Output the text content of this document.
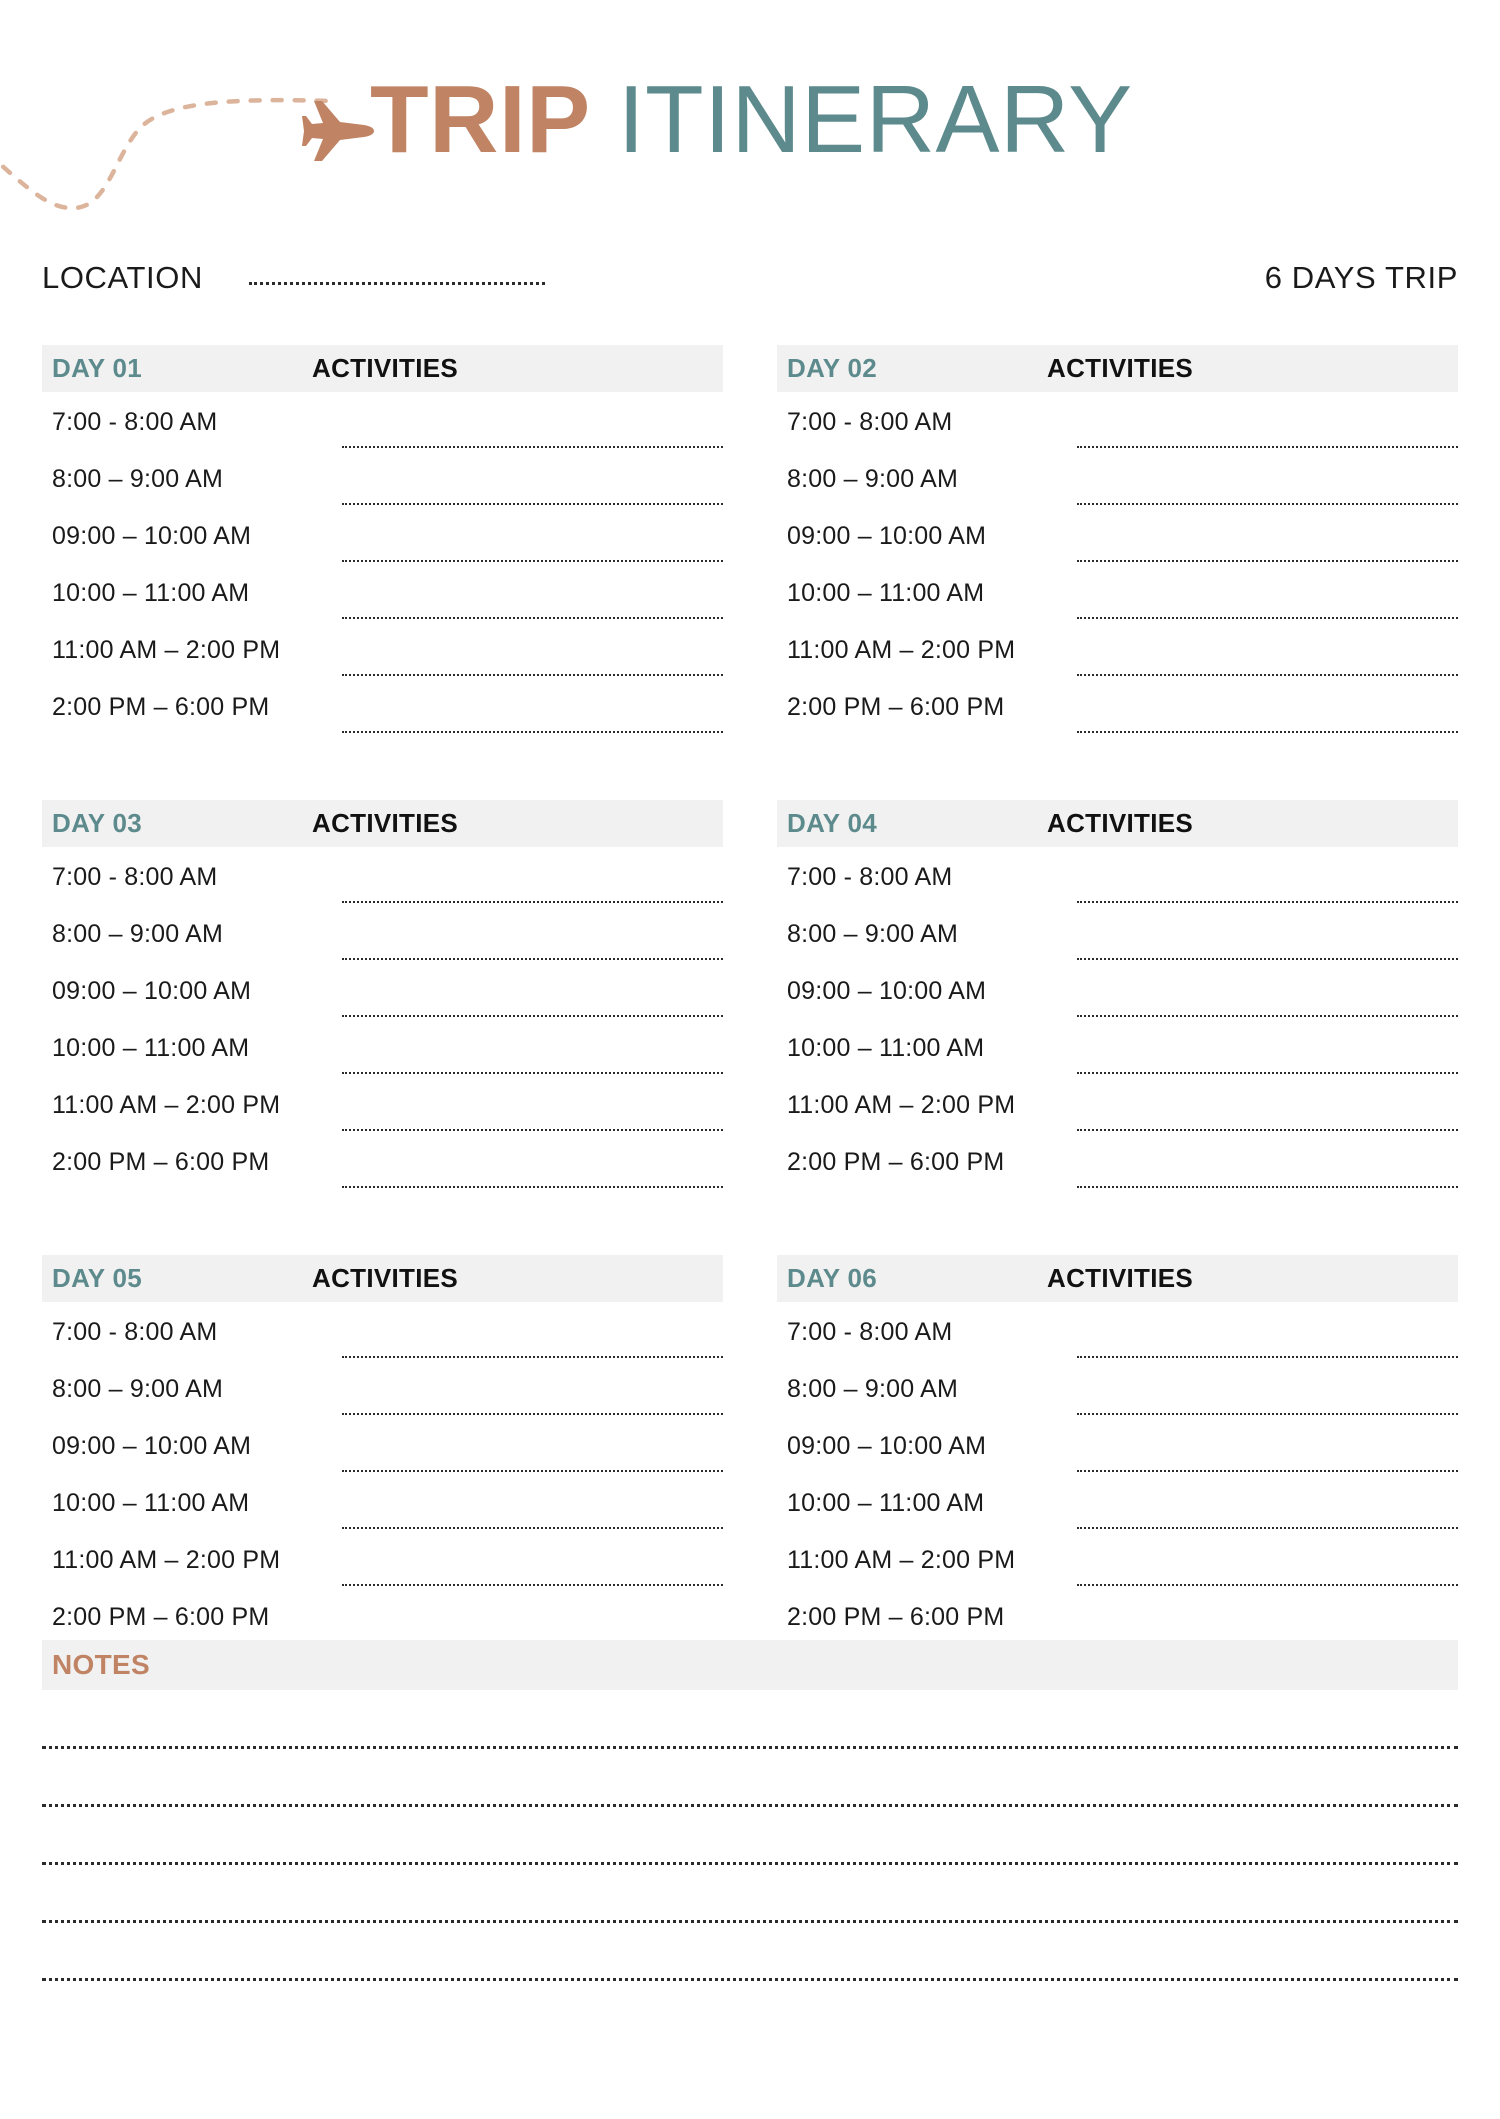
TRIP ITINERARY
LOCATION	6 DAYS TRIP
DAY 01	ACTIVITIES
7:00 - 8:00 AM
8:00 – 9:00 AM
09:00 – 10:00 AM
10:00 – 11:00 AM
11:00 AM – 2:00 PM
2:00 PM – 6:00 PM
DAY 02	ACTIVITIES
7:00 - 8:00 AM
8:00 – 9:00 AM
09:00 – 10:00 AM
10:00 – 11:00 AM
11:00 AM – 2:00 PM
2:00 PM – 6:00 PM
DAY 03	ACTIVITIES
7:00 - 8:00 AM
8:00 – 9:00 AM
09:00 – 10:00 AM
10:00 – 11:00 AM
11:00 AM – 2:00 PM
2:00 PM – 6:00 PM
DAY 04	ACTIVITIES
7:00 - 8:00 AM
8:00 – 9:00 AM
09:00 – 10:00 AM
10:00 – 11:00 AM
11:00 AM – 2:00 PM
2:00 PM – 6:00 PM
DAY 05	ACTIVITIES
7:00 - 8:00 AM
8:00 – 9:00 AM
09:00 – 10:00 AM
10:00 – 11:00 AM
11:00 AM – 2:00 PM
2:00 PM – 6:00 PM
DAY 06	ACTIVITIES
7:00 - 8:00 AM
8:00 – 9:00 AM
09:00 – 10:00 AM
10:00 – 11:00 AM
11:00 AM – 2:00 PM
2:00 PM – 6:00 PM
NOTES
